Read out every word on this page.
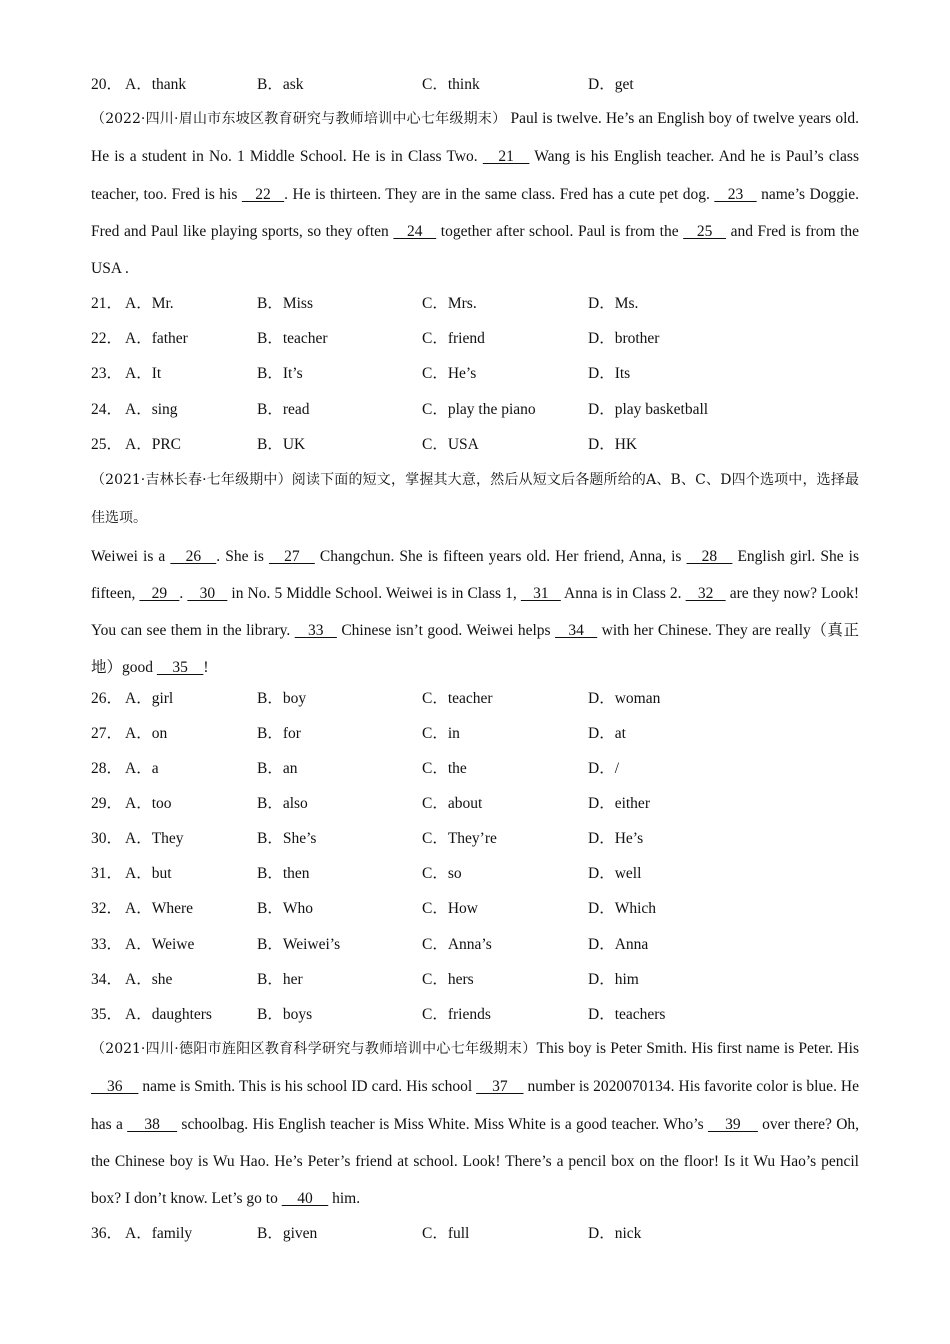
20． A．thank	B．ask	C．think	D．get
（2022·四川·眉山市东坡区教育研究与教师培训中心七年级期末） Paul is twelve. He’s an English boy of twelve years old. He is a student in No. 1 Middle School. He is in Class Two.    21    Wang is his English teacher. And he is Paul’s class teacher, too. Fred is his    22   . He is thirteen. They are in the same class. Fred has a cute pet dog.    23    name’s Doggie. Fred and Paul like playing sports, so they often    24    together after school. Paul is from the    25    and Fred is from the USA .
21． A．Mr.	B．Miss	C．Mrs.	D．Ms.
22． A．father	B．teacher	C．friend	D．brother
23． A．It	B．It’s	C．He’s	D．Its
24． A．sing	B．read	C．play the piano	D．play basketball
25． A．PRC	B．UK	C．USA	D．HK
（2021·吉林长春·七年级期中）阅读下面的短文，掌握其大意，然后从短文后各题所给的A、B、C、D四个选项中，选择最佳选项。
Weiwei is a    26   . She is    27    Changchun. She is fifteen years old. Her friend, Anna, is    28    English girl. She is fifteen,    29   .    30    in No. 5 Middle School. Weiwei is in Class 1,    31    Anna is in Class 2.    32    are they now? Look! You can see them in the library.    33    Chinese isn’t good. Weiwei helps    34    with her Chinese. They are really（真正地）good     35    !
26． A．girl	B．boy	C．teacher	D．woman
27． A．on	B．for	C．in	D．at
28． A．a	B．an	C．the	D．/
29． A．too	B．also	C．about	D．either
30． A．They	B．She’s	C．They’re	D．He’s
31． A．but	B．then	C．so	D．well
32． A．Where	B．Who	C．How	D．Which
33． A．Weiwe	B．Weiwei’s	C．Anna’s	D．Anna
34． A．she	B．her	C．hers	D．him
35． A．daughters	B．boys	C．friends	D．teachers
（2021·四川·德阳市旌阳区教育科学研究与教师培训中心七年级期末）This boy is Peter Smith. His first name is Peter. His     36     name is Smith. This is his school ID card. His school     37     number is 2020070134. His favorite color is blue. He has a     38     schoolbag. His English teacher is Miss White. Miss White is a good teacher. Who’s     39     over there? Oh, the Chinese boy is Wu Hao. He’s Peter’s friend at school. Look! There’s a pencil box on the floor! Is it Wu Hao’s pencil box? I don’t know. Let’s go to     40     him.
36． A．family	B．given	C．full	D．nick
